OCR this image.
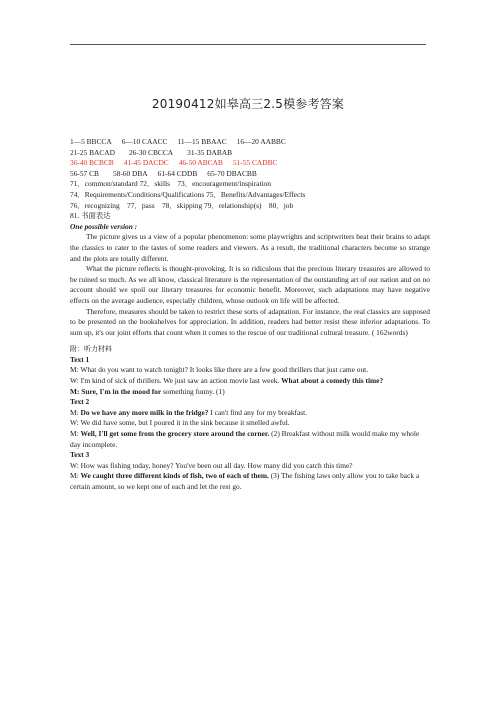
20190412如皋高三2.5模参考答案
1—5 BBCCA 6—10 CAACC 11—15 BBAAC 16—20 AABBC
21-25 BACAD 26-30 CBCCA 31-35 DABAB
36-40 BCBCB 41-45 DACDC 46-50 ABCAB 51-55 CADBC
56-57 CB 58-60 DBA 61-64 CDDB 65-70 DBACBB
71．common/standard 72．skills　73．encouragement/inspiration
74．Requirements/Conditions/Qualifications 75．Benefits/Advantages/Effects
76．recognizing　77．pass　78．skipping 79．relationship(s)　80．job
81. 书面表达
One possible version :
The picture gives us a view of a popular phenomenon: some playwrights and scriptwriters beat their brains to adapt the classics to cater to the tastes of some readers and viewers. As a result, the traditional characters become so strange and the plots are totally different.
What the picture reflects is thought-provoking. It is so ridiculous that the precious literary treasures are allowed to be ruined so much. As we all know, classical literature is the representation of the outstanding art of our nation and on no account should we spoil our literary treasures for economic benefit. Moreover, such adaptations may have negative effects on the average audience, especially children, whose outlook on life will be affected.
Therefore, measures should be taken to restrict these sorts of adaptation. For instance, the real classics are supposed to be presented on the bookshelves for appreciation. In addition, readers had better resist these inferior adaptations. To sum up, it's our joint efforts that count when it comes to the rescue of our traditional cultural treasure. ( 162words)
附：听力材料
Text 1
M: What do you want to watch tonight? It looks like there are a few good thrillers that just came out.
W: I'm kind of sick of thrillers. We just saw an action movie last week. What about a comedy this time?
M: Sure, I'm in the mood for something funny. (1)
Text 2
M: Do we have any more milk in the fridge? I can't find any for my breakfast.
W: We did have some, but I poured it in the sink because it smelled awful.
M: Well, I'll get some from the grocery store around the corner. (2) Breakfast without milk would make my whole day incomplete.
Text 3
W: How was fishing today, honey? You've been out all day. How many did you catch this time?
M: We caught three different kinds of fish, two of each of them. (3) The fishing laws only allow you to take back a certain amount, so we kept one of each and let the rest go.
